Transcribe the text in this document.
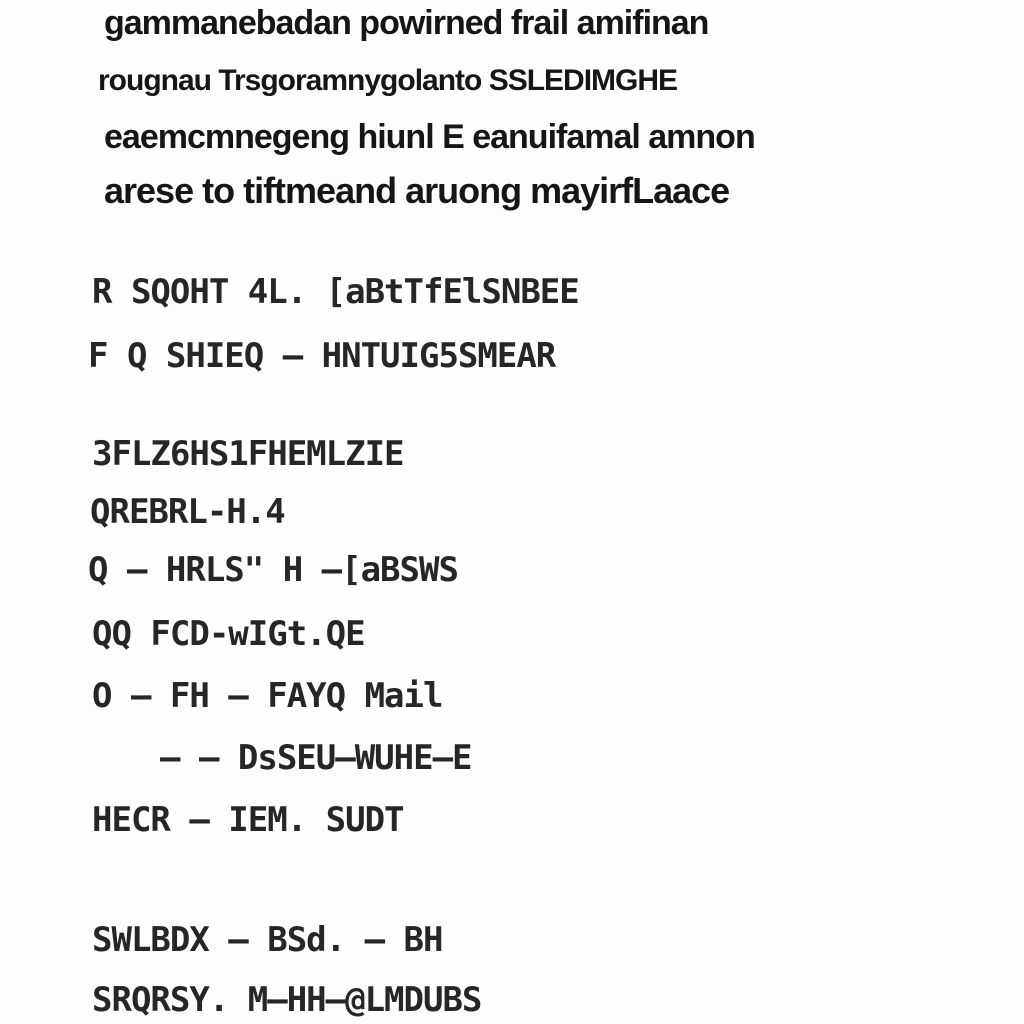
gammanebadan powirned frail amifinan
rougnau Trsgoramnygolanto SSLEDIMGHE
eaemcmnegeng hiunl E eanuifamal amnon
arese to tiftmeand aruong mayirfLaace
R SQOHT 4L. [aBtTfElSNBEE
F Q SHIEQ – HNTUIG5SMEAR
3FLZ6HS1FHEMLZIE
QREBRL-H.4
Q – HRLS" H –[aBSWS
QQ FCD-wIGt.QE
O – FH – FAYQ Mail
– – DsSEU–WUHE–E
HECR – IEM. SUDT
SWLBDX – BSd. – BH
SRQRSY. M–HH–@LMDUBS
